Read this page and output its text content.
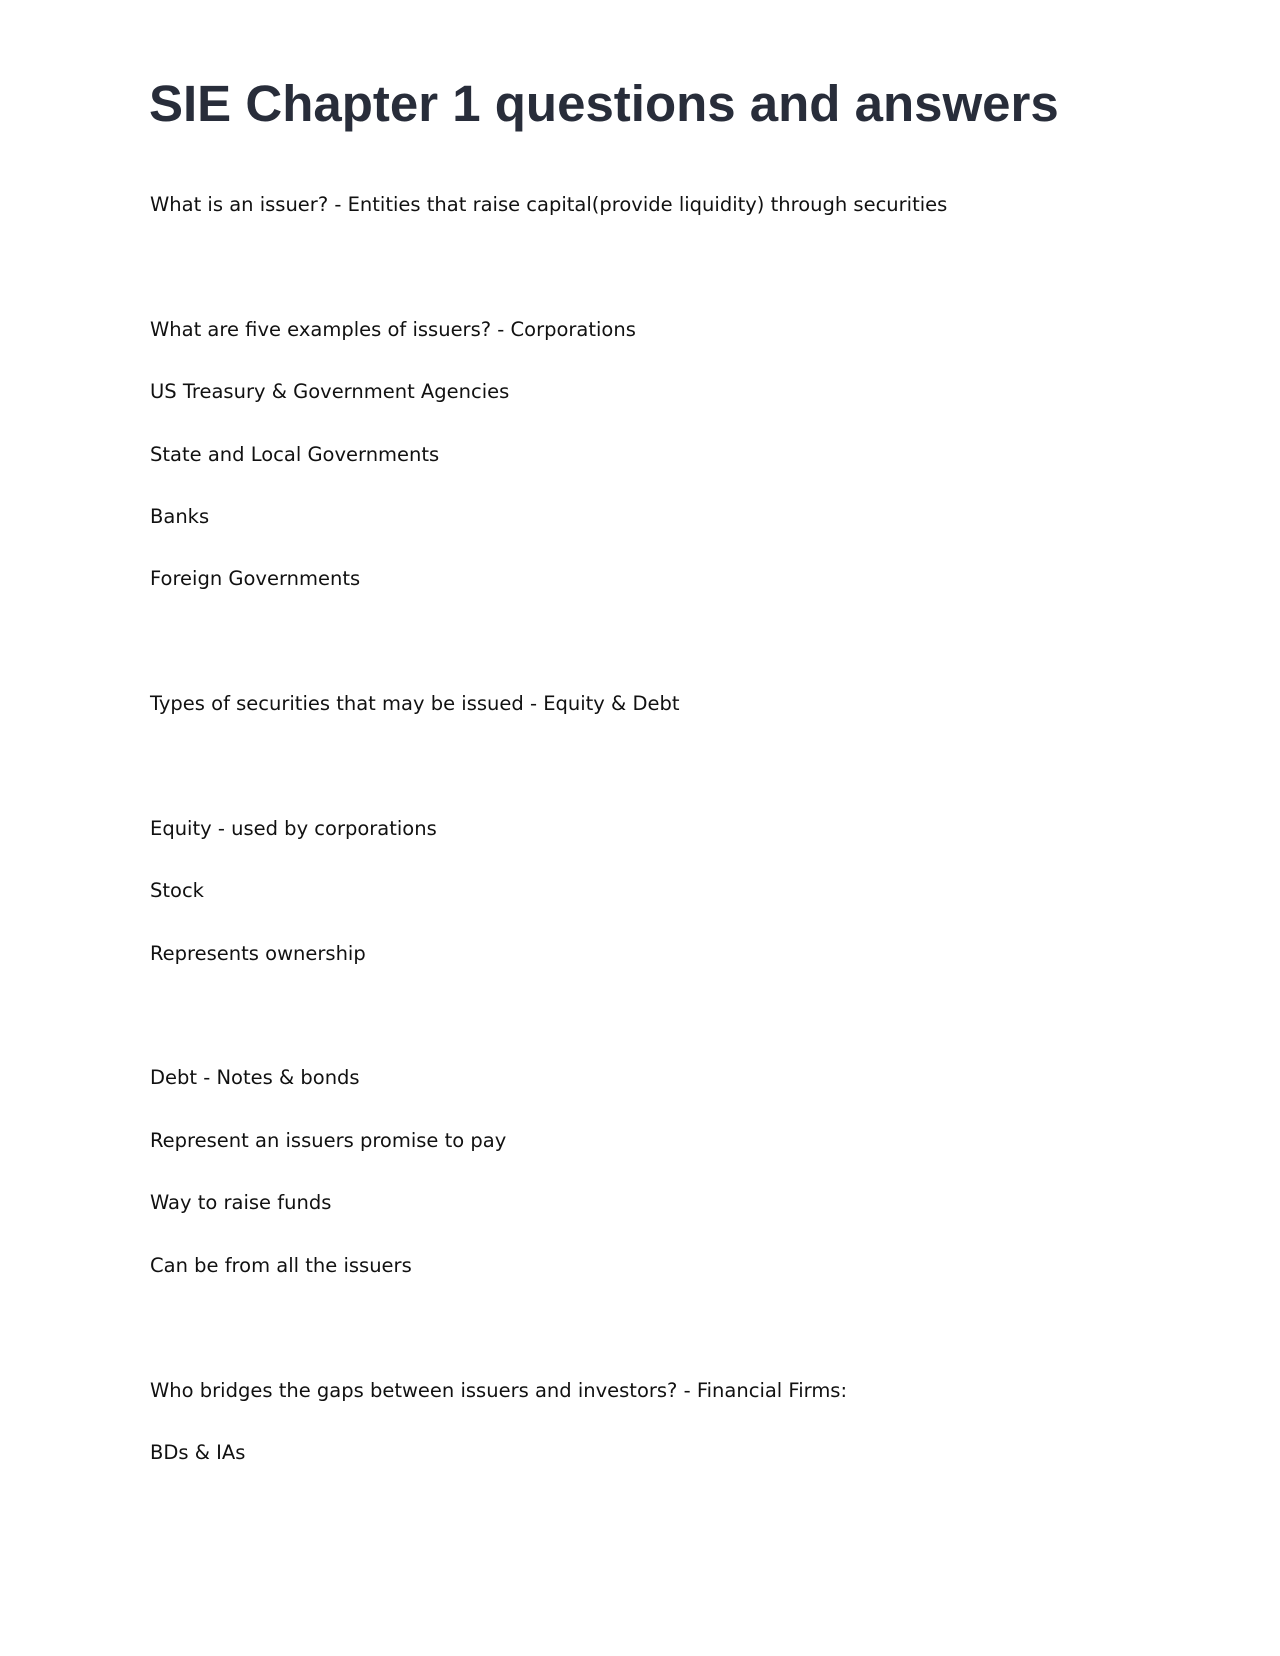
SIE Chapter 1 questions and answers

What is an issuer? - Entities that raise capital(provide liquidity) through securities

What are five examples of issuers? - Corporations

US Treasury & Government Agencies

State and Local Governments

Banks

Foreign Governments

Types of securities that may be issued - Equity & Debt

Equity - used by corporations

Stock

Represents ownership

Debt - Notes & bonds

Represent an issuers promise to pay

Way to raise funds

Can be from all the issuers

Who bridges the gaps between issuers and investors? - Financial Firms:

BDs & IAs
